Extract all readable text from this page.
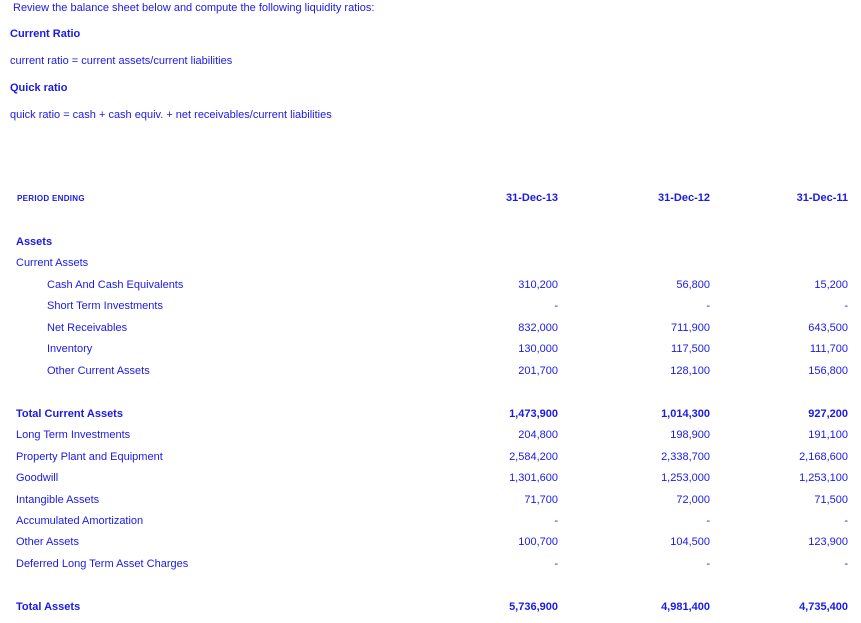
Review the balance sheet below and compute the following liquidity ratios:
Current Ratio
current ratio = current assets/current liabilities
Quick ratio
quick ratio = cash + cash equiv. + net receivables/current liabilities
PERIOD ENDING	31-Dec-13	31-Dec-12	31-Dec-11
Assets
Current Assets
Cash And Cash Equivalents	310,200	56,800	15,200
Short Term Investments	-	-	-
Net Receivables	832,000	711,900	643,500
Inventory	130,000	117,500	111,700
Other Current Assets	201,700	128,100	156,800
Total Current Assets	1,473,900	1,014,300	927,200
Long Term Investments	204,800	198,900	191,100
Property Plant and Equipment	2,584,200	2,338,700	2,168,600
Goodwill	1,301,600	1,253,000	1,253,100
Intangible Assets	71,700	72,000	71,500
Accumulated Amortization	-	-	-
Other Assets	100,700	104,500	123,900
Deferred Long Term Asset Charges	-	-	-
Total Assets	5,736,900	4,981,400	4,735,400
